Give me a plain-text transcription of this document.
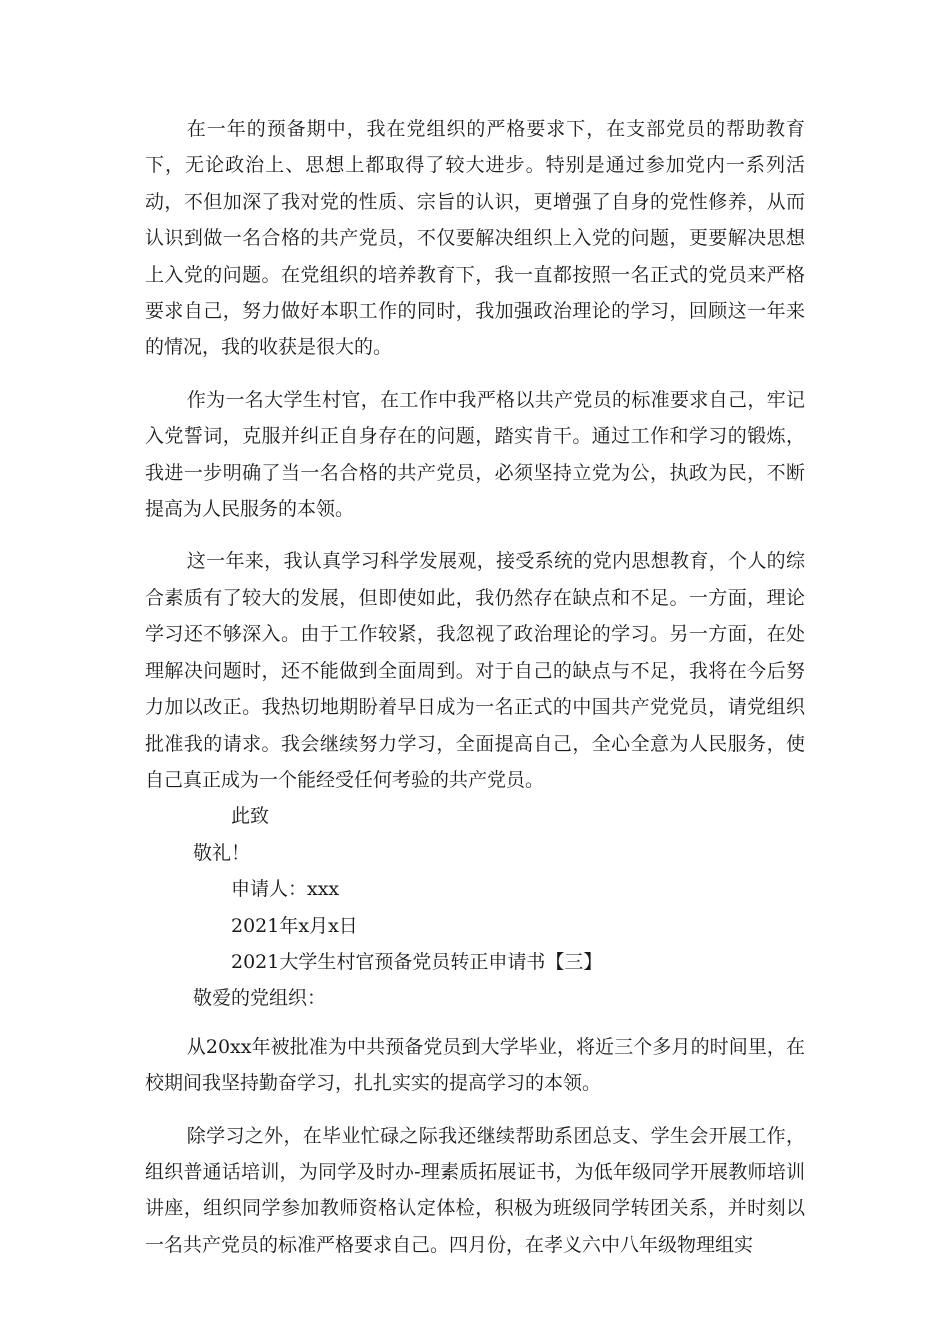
在一年的预备期中，我在党组织的严格要求下，在支部党员的帮助教育下，无论政治上、思想上都取得了较大进步。特别是通过参加党内一系列活动，不但加深了我对党的性质、宗旨的认识，更增强了自身的党性修养，从而认识到做一名合格的共产党员，不仅要解决组织上入党的问题，更要解决思想上入党的问题。在党组织的培养教育下，我一直都按照一名正式的党员来严格要求自己，努力做好本职工作的同时，我加强政治理论的学习，回顾这一年来的情况，我的收获是很大的。

作为一名大学生村官，在工作中我严格以共产党员的标准要求自己，牢记入党誓词，克服并纠正自身存在的问题，踏实肯干。通过工作和学习的锻炼，我进一步明确了当一名合格的共产党员，必须坚持立党为公，执政为民，不断提高为人民服务的本领。

这一年来，我认真学习科学发展观，接受系统的党内思想教育，个人的综合素质有了较大的发展，但即使如此，我仍然存在缺点和不足。一方面，理论学习还不够深入。由于工作较紧，我忽视了政治理论的学习。另一方面，在处理解决问题时，还不能做到全面周到。对于自己的缺点与不足，我将在今后努力加以改正。我热切地期盼着早日成为一名正式的中国共产党党员，请党组织批准我的请求。我会继续努力学习，全面提高自己，全心全意为人民服务，使自己真正成为一个能经受任何考验的共产党员。

此致

敬礼！

申请人：xxx

2021年x月x日

2021大学生村官预备党员转正申请书【三】

敬爱的党组织：

从20xx年被批准为中共预备党员到大学毕业，将近三个多月的时间里，在校期间我坚持勤奋学习，扎扎实实的提高学习的本领。

除学习之外，在毕业忙碌之际我还继续帮助系团总支、学生会开展工作，组织普通话培训，为同学及时办-理素质拓展证书，为低年级同学开展教师培训讲座，组织同学参加教师资格认定体检，积极为班级同学转团关系，并时刻以一名共产党员的标准严格要求自己。四月份，在孝义六中八年级物理组实
